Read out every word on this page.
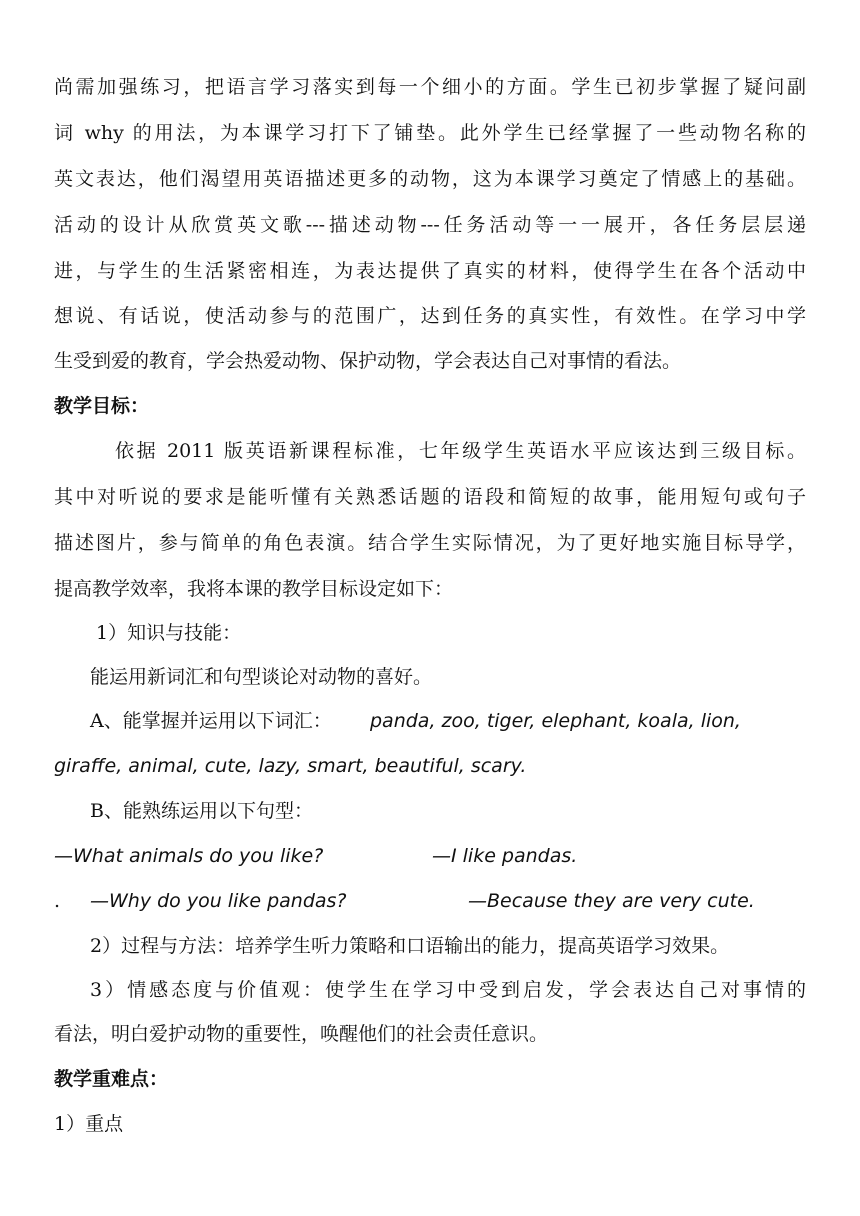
尚需加强练习，把语言学习落实到每一个细小的方面。学生已初步掌握了疑问副
词 why 的用法，为本课学习打下了铺垫。此外学生已经掌握了一些动物名称的
英文表达，他们渴望用英语描述更多的动物，这为本课学习奠定了情感上的基础。
活动的设计从欣赏英文歌---描述动物---任务活动等一一展开，各任务层层递
进，与学生的生活紧密相连，为表达提供了真实的材料，使得学生在各个活动中
想说、有话说，使活动参与的范围广，达到任务的真实性，有效性。在学习中学
生受到爱的教育，学会热爱动物、保护动物，学会表达自己对事情的看法。
教学目标：
依据 2011 版英语新课程标准，七年级学生英语水平应该达到三级目标。
其中对听说的要求是能听懂有关熟悉话题的语段和简短的故事，能用短句或句子
描述图片，参与简单的角色表演。结合学生实际情况，为了更好地实施目标导学，
提高教学效率，我将本课的教学目标设定如下：
1）知识与技能：
能运用新词汇和句型谈论对动物的喜好。
A、能掌握并运用以下词汇： panda, zoo, tiger, elephant, koala, lion,
giraffe, animal, cute, lazy, smart, beautiful, scary.
B、能熟练运用以下句型：
—What animals do you like?	—I like pandas.
. —Why do you like pandas?	—Because they are very cute.
2）过程与方法：培养学生听力策略和口语输出的能力，提高英语学习效果。
3）情感态度与价值观：使学生在学习中受到启发，学会表达自己对事情的
看法，明白爱护动物的重要性，唤醒他们的社会责任意识。
教学重难点：
1）重点
